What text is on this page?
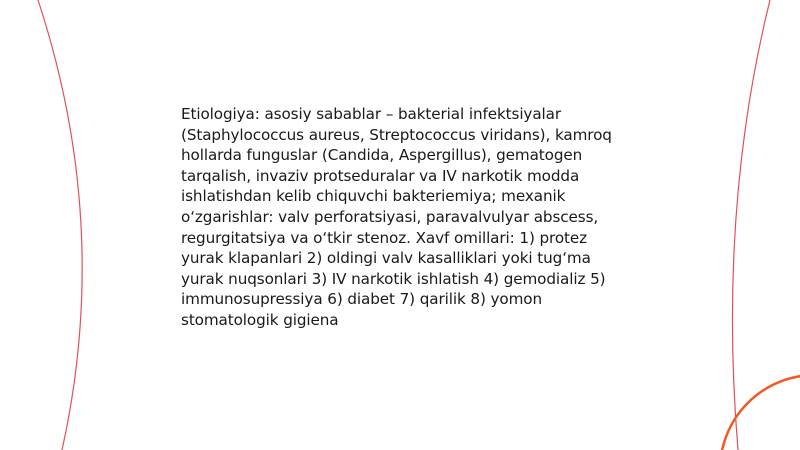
Etiologiya: asosiy sabablar – bakterial infektsiyalar (Staphylococcus aureus, Streptococcus viridans), kamroq hollarda funguslar (Candida, Aspergillus), gematogen tarqalish, invaziv protseduralar va IV narkotik modda ishlatishdan kelib chiquvchi bakteriemiya; mexanik o‘zgarishlar: valv perforatsiyasi, paravalvulyar abscess, regurgitatsiya va o‘tkir stenoz. Xavf omillari: 1) protez yurak klapanlari 2) oldingi valv kasalliklari yoki tug‘ma yurak nuqsonlari 3) IV narkotik ishlatish 4) gemodializ 5) immunosupressiya 6) diabet 7) qarilik 8) yomon stomatologik gigiena
